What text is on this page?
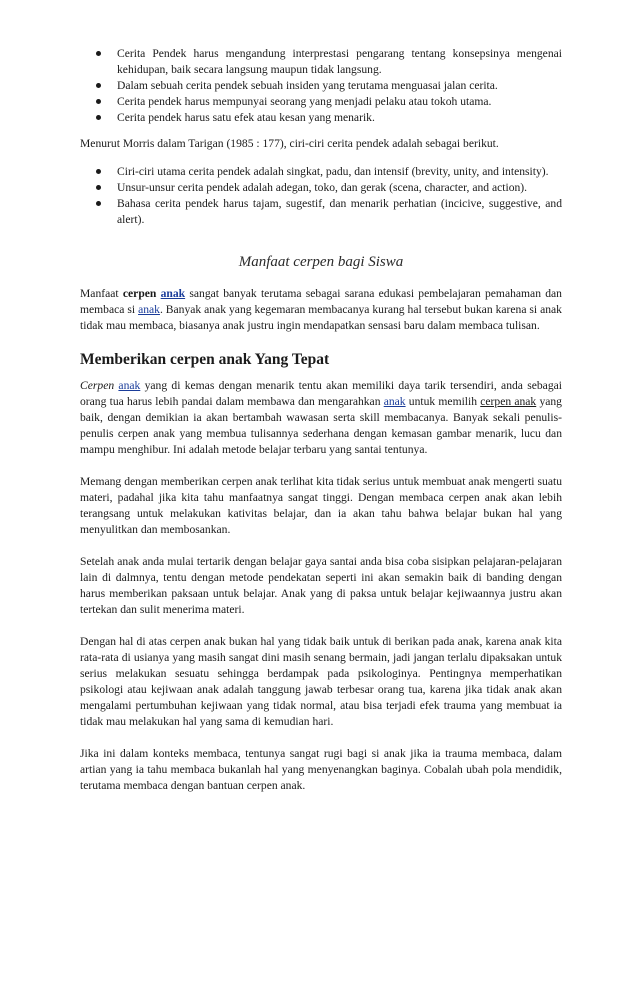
Cerita Pendek harus mengandung interprestasi pengarang tentang konsepsinya mengenai kehidupan, baik secara langsung maupun tidak langsung.
Dalam sebuah cerita pendek sebuah insiden yang terutama menguasai jalan cerita.
Cerita pendek harus mempunyai seorang yang menjadi pelaku atau tokoh utama.
Cerita pendek harus satu efek atau kesan yang menarik.

Menurut Morris dalam Tarigan (1985 : 177), ciri-ciri cerita pendek adalah sebagai berikut.

Ciri-ciri utama cerita pendek adalah singkat, padu, dan intensif (brevity, unity, and intensity).
Unsur-unsur cerita pendek adalah adegan, toko, dan gerak (scena, character, and action).
Bahasa cerita pendek harus tajam, sugestif, dan menarik perhatian (incicive, suggestive, and alert).
Manfaat cerpen bagi Siswa

Manfaat cerpen anak sangat banyak terutama sebagai sarana edukasi pembelajaran pemahaman dan membaca si anak. Banyak anak yang kegemaran membacanya kurang hal tersebut bukan karena si anak tidak mau membaca, biasanya anak justru ingin mendapatkan sensasi baru dalam membaca tulisan.

Memberikan cerpen anak Yang Tepat

Cerpen anak yang di kemas dengan menarik tentu akan memiliki daya tarik tersendiri, anda sebagai orang tua harus lebih pandai dalam membawa dan mengarahkan anak untuk memilih cerpen anak yang baik, dengan demikian ia akan bertambah wawasan serta skill membacanya. Banyak sekali penulis-penulis cerpen anak yang membua tulisannya sederhana dengan kemasan gambar menarik, lucu dan mampu menghibur. Ini adalah metode belajar terbaru yang santai tentunya.

Memang dengan memberikan cerpen anak terlihat kita tidak serius untuk membuat anak mengerti suatu materi, padahal jika kita tahu manfaatnya sangat tinggi. Dengan membaca cerpen anak akan lebih terangsang untuk melakukan kativitas belajar, dan ia akan tahu bahwa belajar bukan hal yang menyulitkan dan membosankan.

Setelah anak anda mulai tertarik dengan belajar gaya santai anda bisa coba sisipkan pelajaran-pelajaran lain di dalmnya, tentu dengan metode pendekatan seperti ini akan semakin baik di banding dengan harus memberikan paksaan untuk belajar. Anak yang di paksa untuk belajar kejiwaannya justru akan tertekan dan sulit menerima materi.

Dengan hal di atas cerpen anak bukan hal yang tidak baik untuk di berikan pada anak, karena anak kita rata-rata di usianya yang masih sangat dini masih senang bermain, jadi jangan terlalu dipaksakan untuk serius melakukan sesuatu sehingga berdampak pada psikologinya. Pentingnya memperhatikan psikologi atau kejiwaan anak adalah tanggung jawab terbesar orang tua, karena jika tidak anak akan mengalami pertumbuhan kejiwaan yang tidak normal, atau bisa terjadi efek trauma yang membuat ia tidak mau melakukan hal yang sama di kemudian hari.

Jika ini dalam konteks membaca, tentunya sangat rugi bagi si anak jika ia trauma membaca, dalam artian yang ia tahu membaca bukanlah hal yang menyenangkan baginya. Cobalah ubah pola mendidik, terutama membaca dengan bantuan cerpen anak.
